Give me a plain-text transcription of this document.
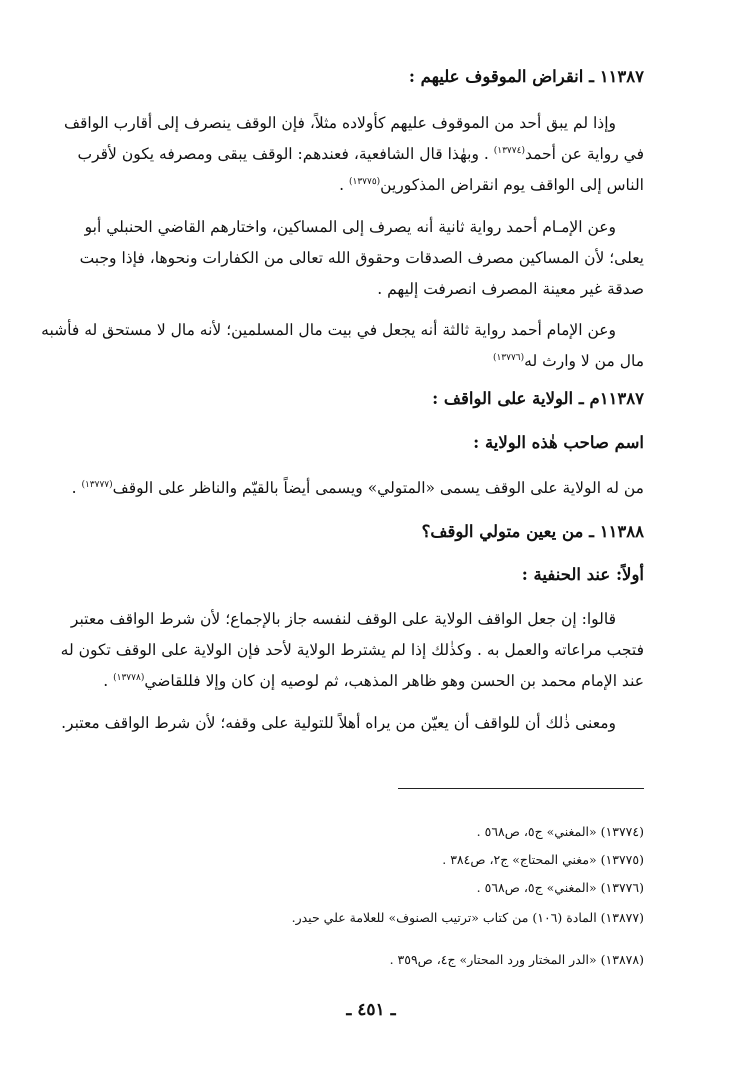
١١٣٨٧ ـ انقراض الموقوف عليهم :
وإذا لم يبق أحد من الموقوف عليهم كأولاده مثلاً، فإن الوقف ينصرف إلى أقارب الواقف
في رواية عن أحمد$^{(١٣٧٧٤)}$ . وبهٰذا قال الشافعية، فعندهم: الوقف يبقى ومصرفه يكون لأقرب
الناس إلى الواقف يوم انقراض المذكورين$^{(١٣٧٧٥)}$ .
وعن الإمـام أحمد رواية ثانية أنه يصرف إلى المساكين، واختارهم القاضي الحنبلي أبو
يعلى؛ لأن المساكين مصرف الصدقات وحقوق الله تعالى من الكفارات ونحوها، فإذا وجبت
صدقة غير معينة المصرف انصرفت إليهم .
وعن الإمام أحمد رواية ثالثة أنه يجعل في بيت مال المسلمين؛ لأنه مال لا مستحق له فأشبه
مال من لا وارث له$^{(١٣٧٧٦)}$
١١٣٨٧م ـ الولاية على الواقف :
اسم صاحب هٰذه الولاية :
من له الولاية على الوقف يسمى «المتولي» ويسمى أيضاً بالقيّم والناظر على الوقف$^{(١٣٧٧٧)}$ .
١١٣٨٨ ـ من يعين متولي الوقف؟
أولاً: عند الحنفية :
قالوا: إن جعل الواقف الولاية على الوقف لنفسه جاز بالإجماع؛ لأن شرط الواقف معتبر
فتجب مراعاته والعمل به . وكذٰلك إذا لم يشترط الولاية لأحد فإن الولاية على الوقف تكون له
عند الإمام محمد بن الحسن وهو ظاهر المذهب، ثم لوصيه إن كان وإلا فللقاضي$^{(١٣٧٧٨)}$ .
ومعنى ذٰلك أن للواقف أن يعيّن من يراه أهلاً للتولية على وقفه؛ لأن شرط الواقف معتبر.
(١٣٧٧٤) «المغني» ج٥، ص٥٦٨ .
(١٣٧٧٥) «مغني المحتاج» ج٢، ص٣٨٤ .
(١٣٧٧٦) «المغني» ج٥، ص٥٦٨ .
(١٣٨٧٧) المادة (١٠٦) من كتاب «ترتيب الصنوف» للعلامة علي حيدر.
(١٣٨٧٨) «الدر المختار ورد المحتار» ج٤، ص٣٥٩ .
ـ ٤٥١ ـ
